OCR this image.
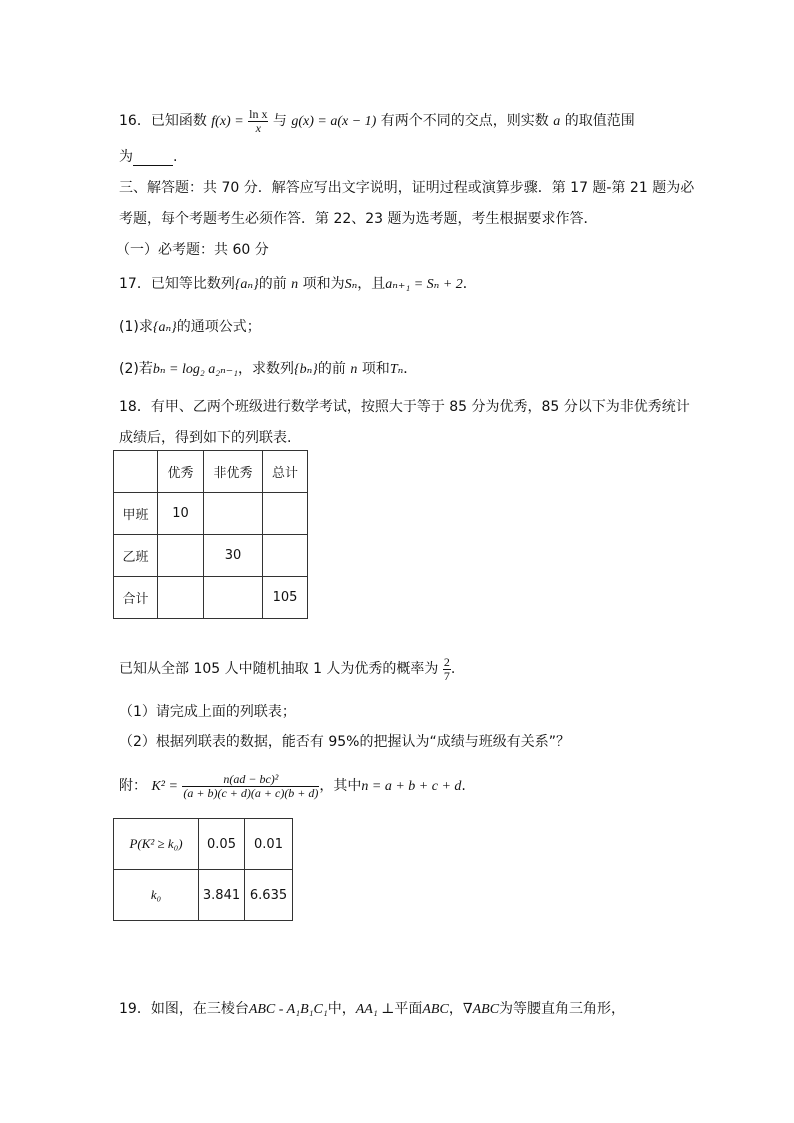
16．已知函数 $f(x) = \frac{\text{ln x}}{x}$ 与 g(x) = a(x − 1) 有两个不同的交点，则实数 a 的取值范围
为	.
三、解答题：共 70 分．解答应写出文字说明，证明过程或演算步骤．第 17 题-第 21 题为必
考题，每个考题考生必须作答．第 22、23 题为选考题，考生根据要求作答．
（一）必考题：共 60 分
17．已知等比数列{aₙ}的前 n 项和为Sₙ，且aₙ₊₁ = Sₙ + 2．
(1)求{aₙ}的通项公式；
(2)若bₙ = log₂ a₂ₙ₋₁，求数列{bₙ}的前 n 项和Tₙ．
18．有甲、乙两个班级进行数学考试，按照大于等于 85 分为优秀，85 分以下为非优秀统计
成绩后，得到如下的列联表.
	优秀	非优秀	总计
甲班	10		
乙班		30	
合计			105
已知从全部 105 人中随机抽取 1 人为优秀的概率为 $\frac{2}{7}$ .
（1）请完成上面的列联表；
（2）根据列联表的数据，能否有 95%的把握认为“成绩与班级有关系”？
附： $K^2 = \frac{\text{n(ad − bc)²}}{(a + b)(c + d)(a + c)(b + d)}$ ，其中n = a + b + c + d.
P(K² ≥ k₀)	0.05	0.01
k₀	3.841	6.635
19．如图，在三棱台ABC - A₁B₁C₁中，AA₁ ⊥平面ABC，∇ABC为等腰直角三角形，
